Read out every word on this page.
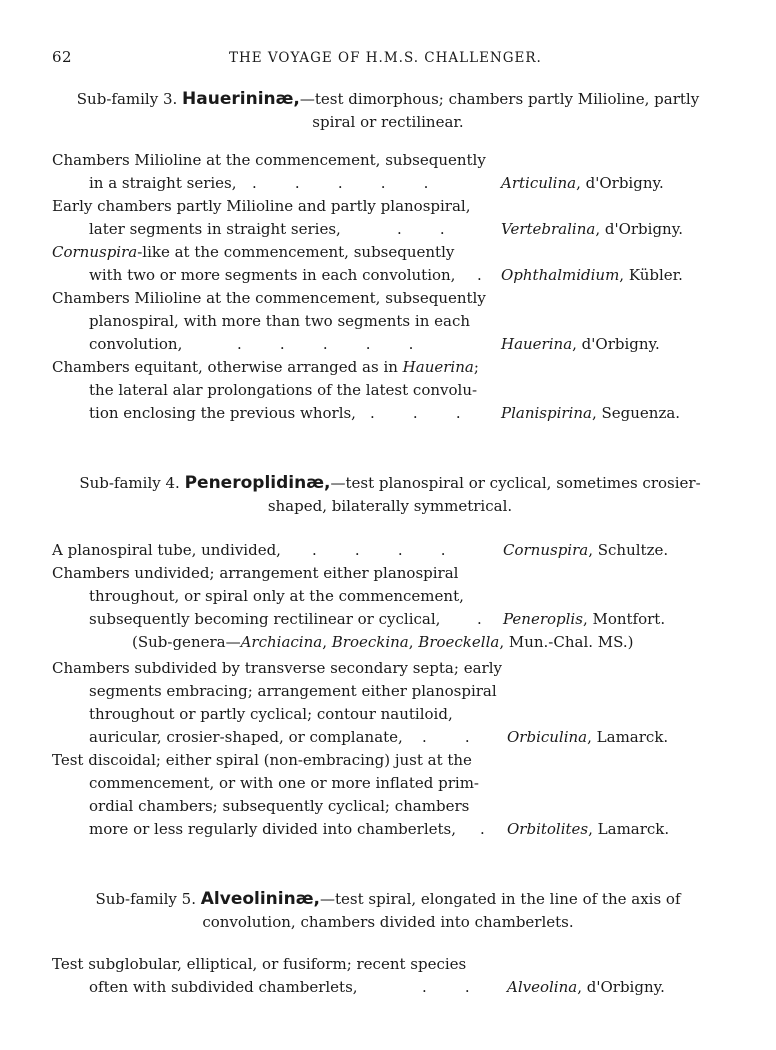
62	THE VOYAGE OF H.M.S. CHALLENGER.
Sub-family 3. Hauerininæ,—test dimorphous; chambers partly Milioline, partly
spiral or rectilinear.
Chambers Milioline at the commencement, subsequently
in a straight series, .        .        .        .        .	Articulina, d'Orbigny.
Early chambers partly Milioline and partly planospiral,
later segments in straight series,	.        .	Vertebralina, d'Orbigny.
Cornuspira-like at the commencement, subsequently
with two or more segments in each convolution, . Ophthalmidium, Kübler.
Chambers Milioline at the commencement, subsequently
planospiral, with more than two segments in each
convolution,	.        .        .        .        .	Hauerina, d'Orbigny.
Chambers equitant, otherwise arranged as in Hauerina;
the lateral alar prolongations of the latest convolu-
tion enclosing the previous whorls, .        .        .	Planispirina, Seguenza.
Sub-family 4. Peneroplidinæ,—test planospiral or cyclical, sometimes crosier-
shaped, bilaterally symmetrical.
A planospiral tube, undivided, .        .        .        .	Cornuspira, Schultze.
Chambers undivided; arrangement either planospiral
throughout, or spiral only at the commencement,
subsequently becoming rectilinear or cyclical, . Peneroplis, Montfort.
(Sub-genera—Archiacina, Broeckina, Broeckella, Mun.-Chal. MS.)
Chambers subdivided by transverse secondary septa; early
segments embracing; arrangement either planospiral
throughout or partly cyclical; contour nautiloid,
auricular, crosier-shaped, or complanate, .        . Orbiculina, Lamarck.
Test discoidal; either spiral (non-embracing) just at the
commencement, or with one or more inflated prim-
ordial chambers; subsequently cyclical; chambers
more or less regularly divided into chamberlets, . Orbitolites, Lamarck.
Sub-family 5. Alveolininæ,—test spiral, elongated in the line of the axis of
convolution, chambers divided into chamberlets.
Test subglobular, elliptical, or fusiform; recent species
often with subdivided chamberlets,	.        . Alveolina, d'Orbigny.
